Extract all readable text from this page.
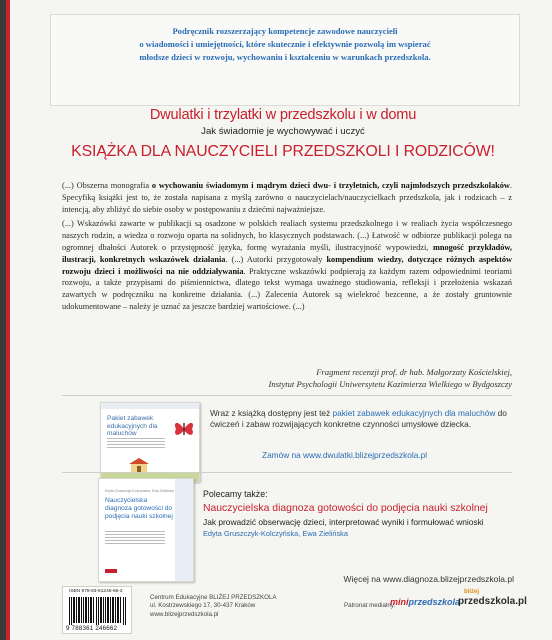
Podręcznik rozszerzający kompetencje zawodowe nauczycieli
o wiadomości i umiejętności, które skutecznie i efektywnie pozwolą im wspierać
młodsze dzieci w rozwoju, wychowaniu i kształceniu w warunkach przedszkola.
Dwulatki i trzylatki w przedszkolu i w domu
Jak świadomie je wychowywać i uczyć
KSIĄŻKA DLA NAUCZYCIELI PRZEDSZKOLI I RODZICÓW!

(...) Obszerna monografia o wychowaniu świadomym i mądrym dzieci dwu- i trzyletnich, czyli najmłodszych przedszkolaków. Specyfiką książki jest to, że została napisana z myślą zarówno o nauczycielach/nauczycielkach przedszkola, jak i rodzicach – z intencją, aby zbliżyć do siebie osoby w postępowaniu z dziećmi najważniejsze.

(...) Wskazówki zawarte w publikacji są osadzone w polskich realiach systemu przedszkolnego i w realiach życia współczesnego naszych rodzin, a wiedza o rozwoju oparta na solidnych, bo klasycznych podstawach. (...) Łatwość w odbiorze publikacji polega na ogromnej dbałości Autorek o przystępność języka, formę wyrażania myśli, ilustracyjność wypowiedzi, mnogość przykładów, ilustracji, konkretnych wskazówek działania. (...) Autorki przygotowały kompendium wiedzy, dotyczące różnych aspektów rozwoju dzieci i możliwości na nie oddziaływania. Praktyczne wskazówki podpierają za każdym razem odpowiednimi teoriami rozwoju, a także przypisami do piśmiennictwa, dlatego tekst wymaga uważnego studiowania, refleksji i przełożenia wskazań zawartych w podręczniku na konkretne działania. (...) Zalecenia Autorek są wielekroć bezcenne, a że zostały gruntownie udokumentowane – należy je uznać za jeszcze bardziej wartościowe. (...)

Fragment recenzji prof. dr hab. Małgorzaty Kościelskiej,
Instytut Psychologii Uniwersytetu Kazimierza Wielkiego w Bydgoszczy
Pakiet zabawek edukacyjnych dla maluchów
Wraz z książką dostępny jest też pakiet zabawek edukacyjnych dla maluchów do ćwiczeń i zabaw rozwijających konkretne czynności umysłowe dziecka.
Zamów na www.dwulatki.blizejprzedszkola.pl
Edyta Gruszczyk-Kolczyńska, Ewa Zielińska
Nauczycielska diagnoza gotowości do podjęcia nauki szkolnej
Polecamy także:
Nauczycielska diagnoza gotowości do podjęcia nauki szkolnej
Jak prowadzić obserwację dzieci, interpretować wyniki i formułować wnioski
Edyta Gruszczyk-Kolczyńska, Ewa Zielińska
Więcej na www.diagnoza.blizejprzedszkola.pl
ISBN 978-83-61246-66-2
9 788361 246662
Centrum Edukacyjne BLIŻEJ PRZEDSZKOLA
ul. Kostrzewskiego 17, 30-437 Kraków
www.blizejprzedszkola.pl
Patronat medialny:
miniprzedszkola
bliżej
przedszkola.pl
